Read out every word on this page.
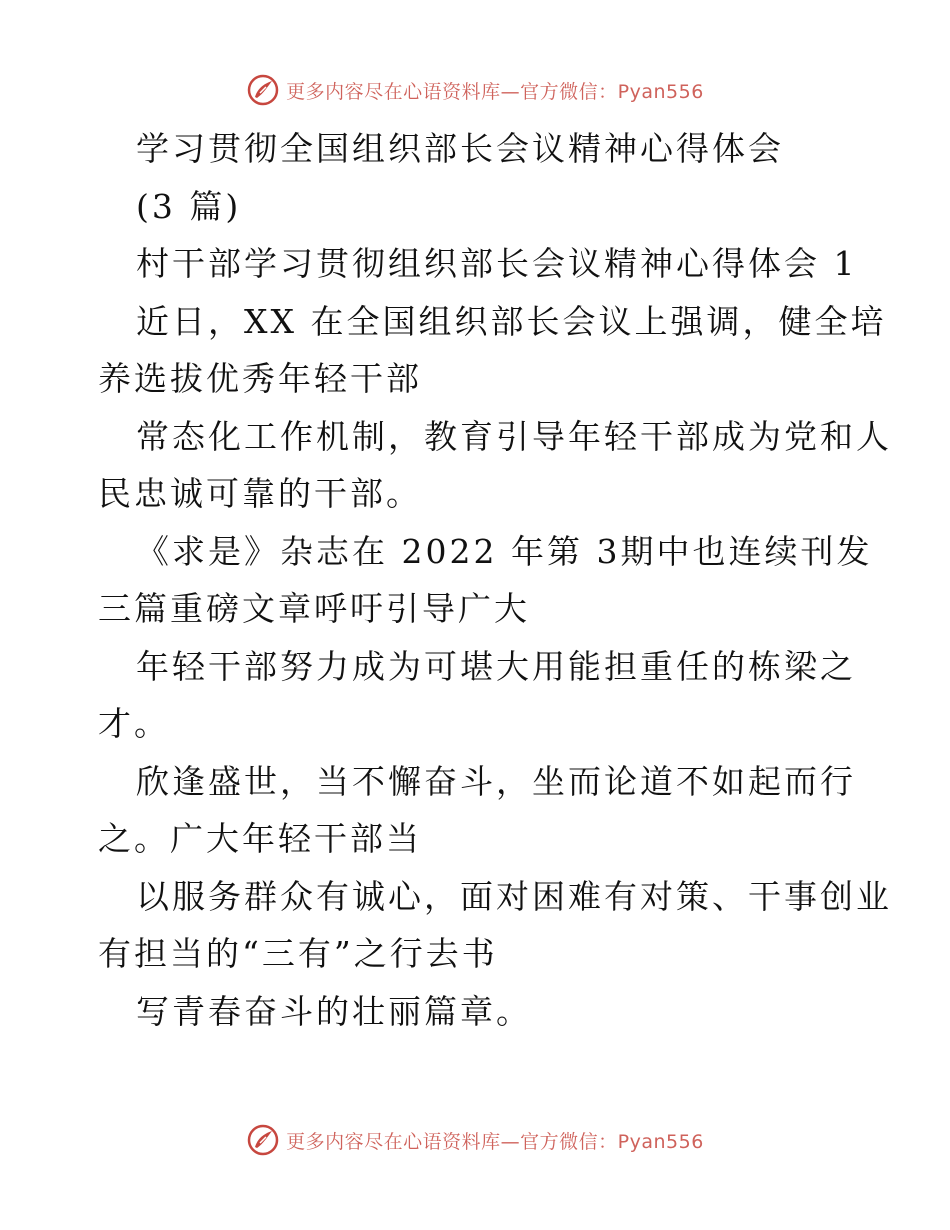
更多内容尽在心语资料库—官方微信：Pyan556
学习贯彻全国组织部长会议精神心得体会
(3 篇)
村干部学习贯彻组织部长会议精神心得体会 1
近日，XX 在全国组织部长会议上强调，健全培
养选拔优秀年轻干部
常态化工作机制，教育引导年轻干部成为党和人
民忠诚可靠的干部。
《求是》杂志在 2022 年第 3期中也连续刊发
三篇重磅文章呼吁引导广大
年轻干部努力成为可堪大用能担重任的栋梁之
才。
欣逢盛世，当不懈奋斗，坐而论道不如起而行
之。广大年轻干部当
以服务群众有诚心，面对困难有对策、干事创业
有担当的“三有”之行去书
写青春奋斗的壮丽篇章。
更多内容尽在心语资料库—官方微信：Pyan556
